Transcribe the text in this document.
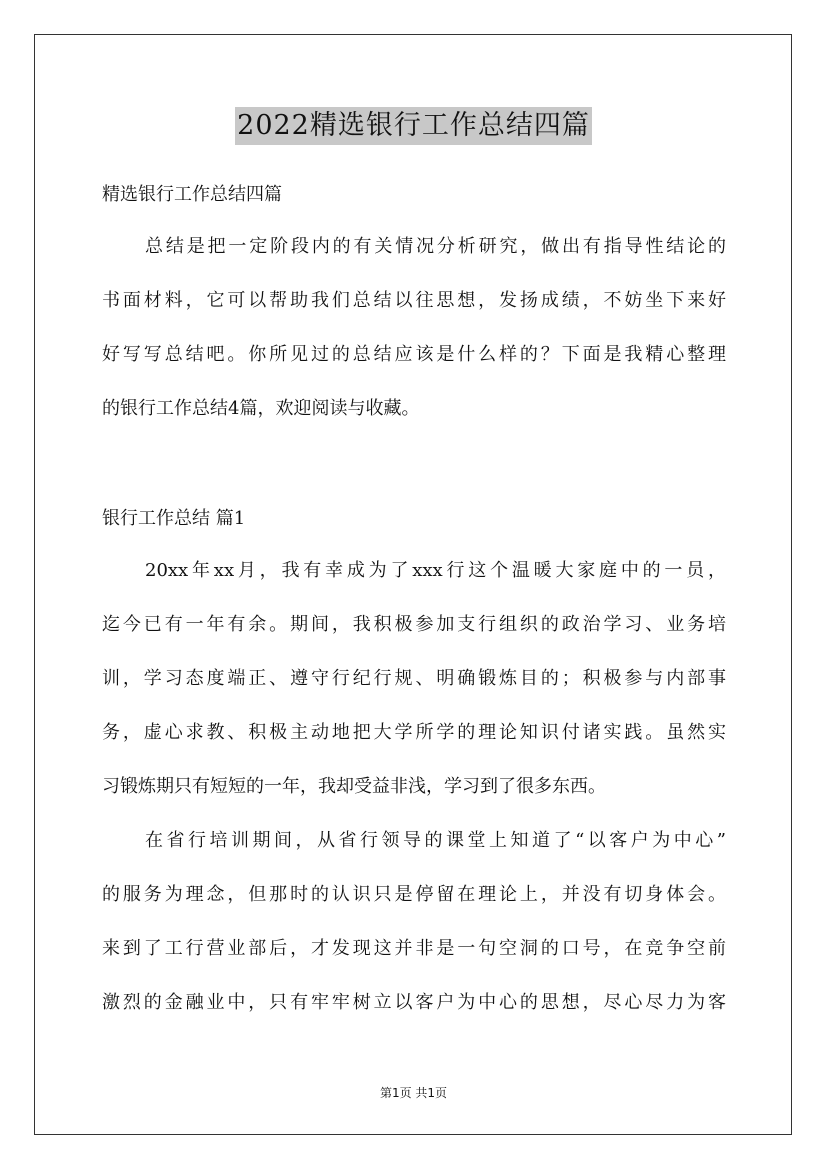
2022精选银行工作总结四篇

精选银行工作总结四篇

总结是把一定阶段内的有关情况分析研究，做出有指导性结论的
书面材料，它可以帮助我们总结以往思想，发扬成绩，不妨坐下来好
好写写总结吧。你所见过的总结应该是什么样的？下面是我精心整理
的银行工作总结4篇，欢迎阅读与收藏。

银行工作总结 篇1

20xx年xx月，我有幸成为了xxx行这个温暖大家庭中的一员，
迄今已有一年有余。期间，我积极参加支行组织的政治学习、业务培
训，学习态度端正、遵守行纪行规、明确锻炼目的；积极参与内部事
务，虚心求教、积极主动地把大学所学的理论知识付诸实践。虽然实
习锻炼期只有短短的一年，我却受益非浅，学习到了很多东西。
在省行培训期间，从省行领导的课堂上知道了“以客户为中心”
的服务为理念，但那时的认识只是停留在理论上，并没有切身体会。
来到了工行营业部后，才发现这并非是一句空洞的口号，在竞争空前
激烈的金融业中，只有牢牢树立以客户为中心的思想，尽心尽力为客
第1页 共1页
